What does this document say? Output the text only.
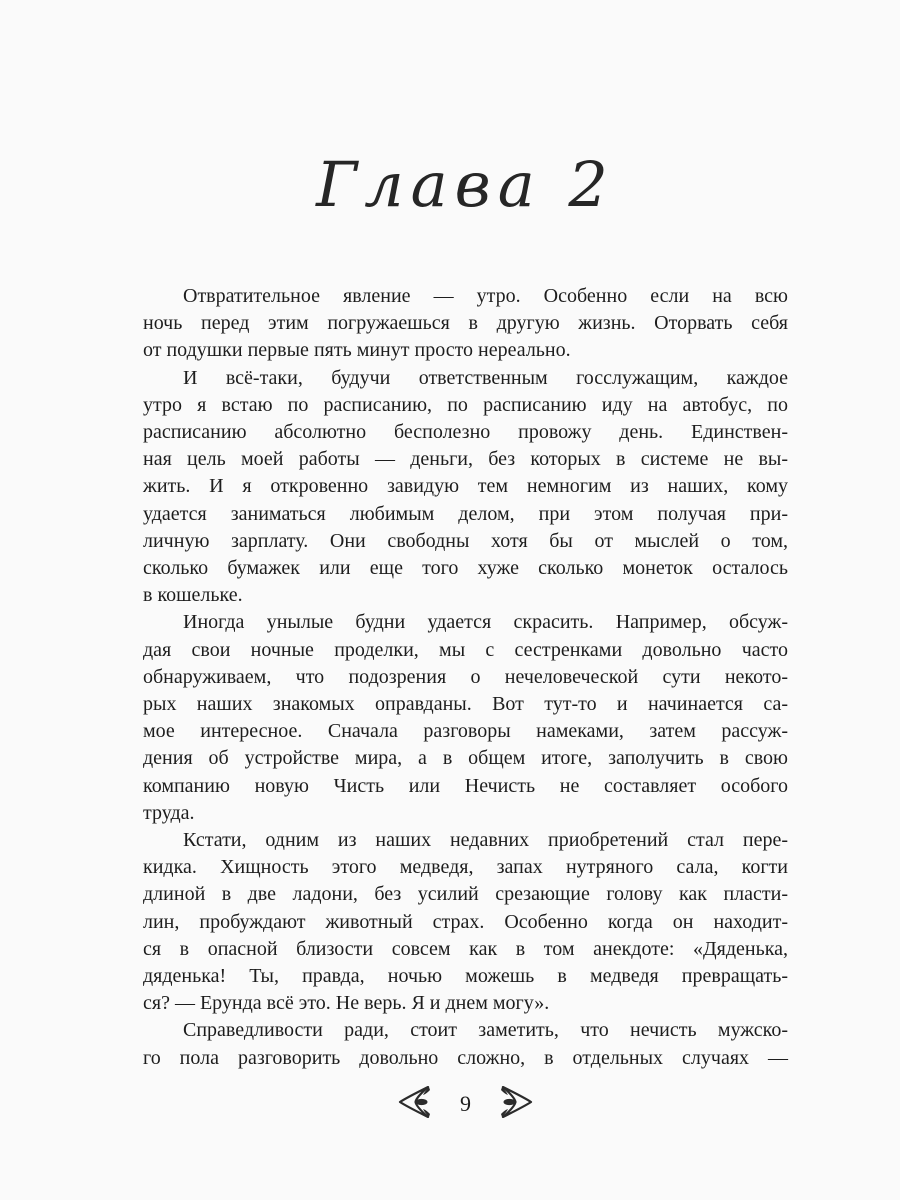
Глава 2
Отвратительное явление — утро. Особенно если на всю
ночь перед этим погружаешься в другую жизнь. Оторвать себя
от подушки первые пять минут просто нереально.
И всё-таки, будучи ответственным госслужащим, каждое
утро я встаю по расписанию, по расписанию иду на автобус, по
расписанию абсолютно бесполезно провожу день. Единствен-
ная цель моей работы — деньги, без которых в системе не вы-
жить. И я откровенно завидую тем немногим из наших, кому
удается заниматься любимым делом, при этом получая при-
личную зарплату. Они свободны хотя бы от мыслей о том,
сколько бумажек или еще того хуже сколько монеток осталось
в кошельке.
Иногда унылые будни удается скрасить. Например, обсуж-
дая свои ночные проделки, мы с сестренками довольно часто
обнаруживаем, что подозрения о нечеловеческой сути некото-
рых наших знакомых оправданы. Вот тут-то и начинается са-
мое интересное. Сначала разговоры намеками, затем рассуж-
дения об устройстве мира, а в общем итоге, заполучить в свою
компанию новую Чисть или Нечисть не составляет особого
труда.
Кстати, одним из наших недавних приобретений стал пере-
кидка. Хищность этого медведя, запах нутряного сала, когти
длиной в две ладони, без усилий срезающие голову как пласти-
лин, пробуждают животный страх. Особенно когда он находит-
ся в опасной близости совсем как в том анекдоте: «Дяденька,
дяденька! Ты, правда, ночью можешь в медведя превращать-
ся? — Ерунда всё это. Не верь. Я и днем могу».
Справедливости ради, стоит заметить, что нечисть мужско-
го пола разговорить довольно сложно, в отдельных случаях —
9
